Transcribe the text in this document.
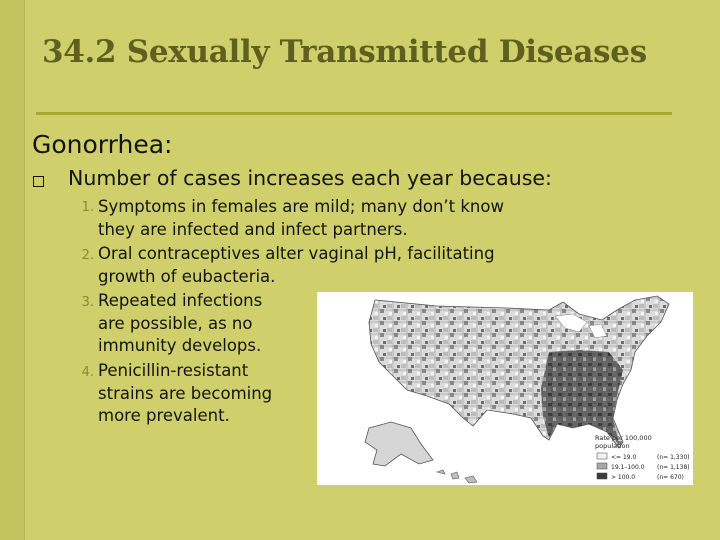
34.2 Sexually Transmitted Diseases
Gonorrhea:
Number of cases increases each year because:
1. Symptoms in females are mild; many don’t know
they are infected and infect partners.
2. Oral contraceptives alter vaginal pH, facilitating
growth of eubacteria.
3. Repeated infections
are possible, as no
immunity develops.
4. Penicillin-resistant
strains are becoming
more prevalent.
Rate per 100,000
population
<= 19.0	(n= 1,330)
19.1–100.0 (n= 1,138)
> 100.0	(n= 670)
